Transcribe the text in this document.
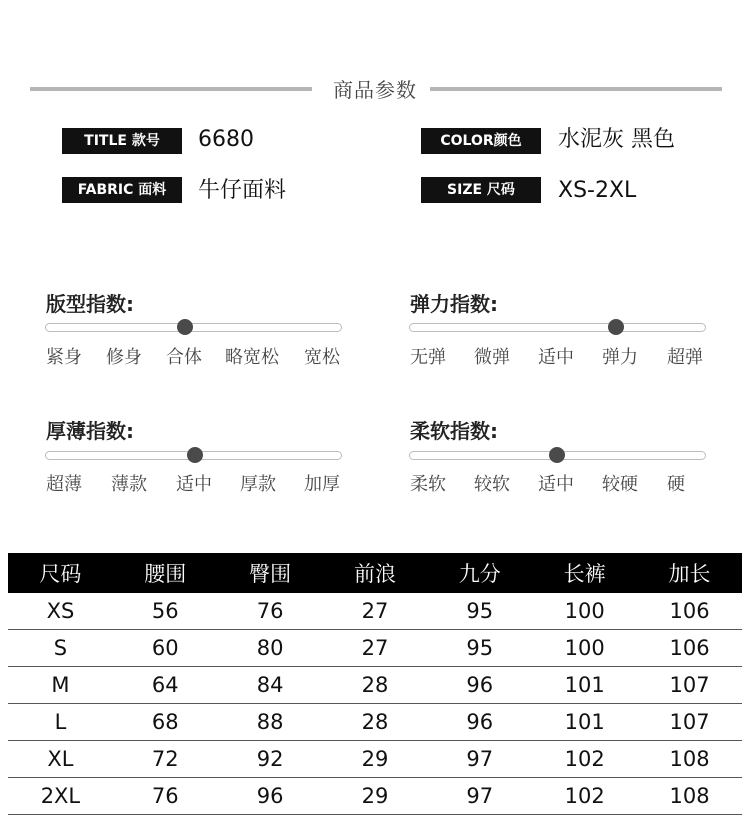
商品参数
TITLE 款号	6680	COLOR颜色	水泥灰 黑色
FABRIC 面料	牛仔面料	SIZE 尺码	XS-2XL
版型指数:
紧身 修身 合体 略宽松 宽松
弹力指数:
无弹 微弹 适中 弹力 超弹
厚薄指数:
超薄 薄款 适中 厚款 加厚
柔软指数:
柔软 较软 适中 较硬 硬
尺码	腰围	臀围	前浪	九分	长裤	加长
XS	56	76	27	95	100	106
S	60	80	27	95	100	106
M	64	84	28	96	101	107
L	68	88	28	96	101	107
XL	72	92	29	97	102	108
2XL	76	96	29	97	102	108
